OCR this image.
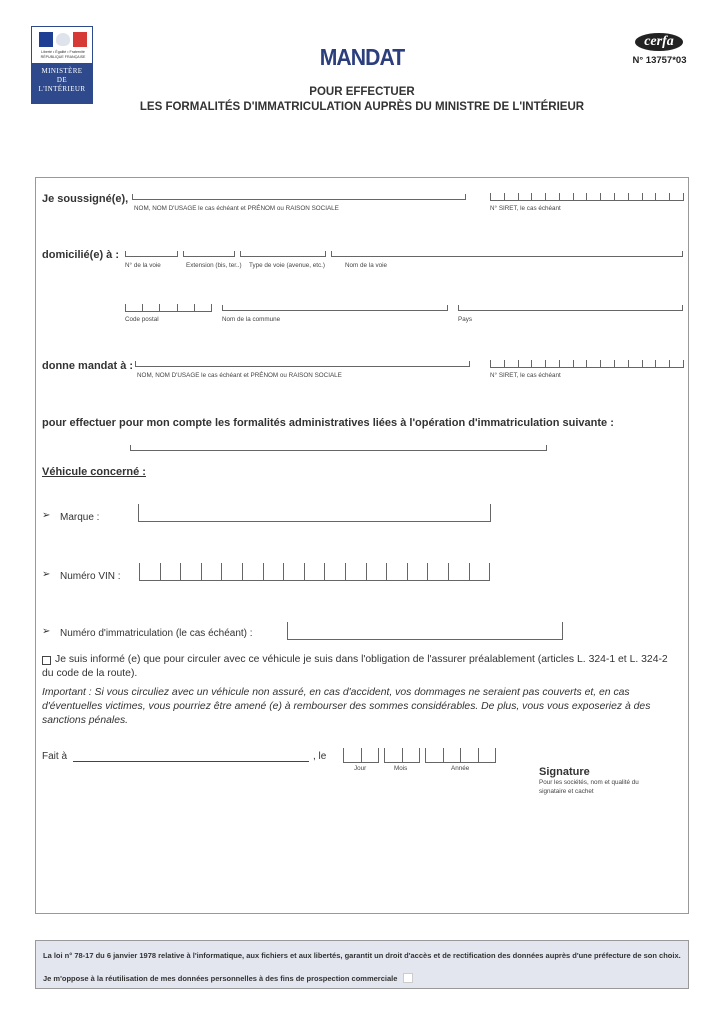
Liberté • Égalité • Fraternité RÉPUBLIQUE FRANÇAISE
MINISTÈRE
DE
L'INTÉRIEUR
MANDAT
POUR EFFECTUER
LES FORMALITÉS D'IMMATRICULATION AUPRÈS DU MINISTRE DE L'INTÉRIEUR
cerfa
N° 13757*03
Je soussigné(e),
NOM, NOM D'USAGE le cas échéant et PRÉNOM ou RAISON SOCIALE	N° SIRET, le cas échéant
domicilié(e) à :
N° de la voie	Extension (bis, ter..) Type de voie (avenue, etc.)	Nom de la voie
Code postal	Nom de la commune	Pays
donne mandat à :
NOM, NOM D'USAGE le cas échéant et PRÉNOM ou RAISON SOCIALE	N° SIRET, le cas échéant
pour effectuer pour mon compte les formalités administratives liées à l'opération d'immatriculation suivante :
Véhicule concerné :
➢ Marque :
➢ Numéro VIN :
➢ Numéro d'immatriculation (le cas échéant) :
Je suis informé (e) que pour circuler avec ce véhicule je suis dans l'obligation de l'assurer préalablement (articles L. 324-1 et L. 324-2 du code de la route).
Important : Si vous circuliez avec un véhicule non assuré, en cas d'accident, vos dommages ne seraient pas couverts et, en cas d'éventuelles victimes, vous pourriez être amené (e) à rembourser des sommes considérables. De plus, vous vous exposeriez à des sanctions pénales.
Fait à	, le
Jour	Mois	Année	Signature
Pour les sociétés, nom et qualité du signataire et cachet
La loi n° 78-17 du 6 janvier 1978 relative à l'informatique, aux fichiers et aux libertés, garantit un droit d'accès et de rectification des données auprès d'une préfecture de son choix.
Je m'oppose à la réutilisation de mes données personnelles à des fins de prospection commerciale
